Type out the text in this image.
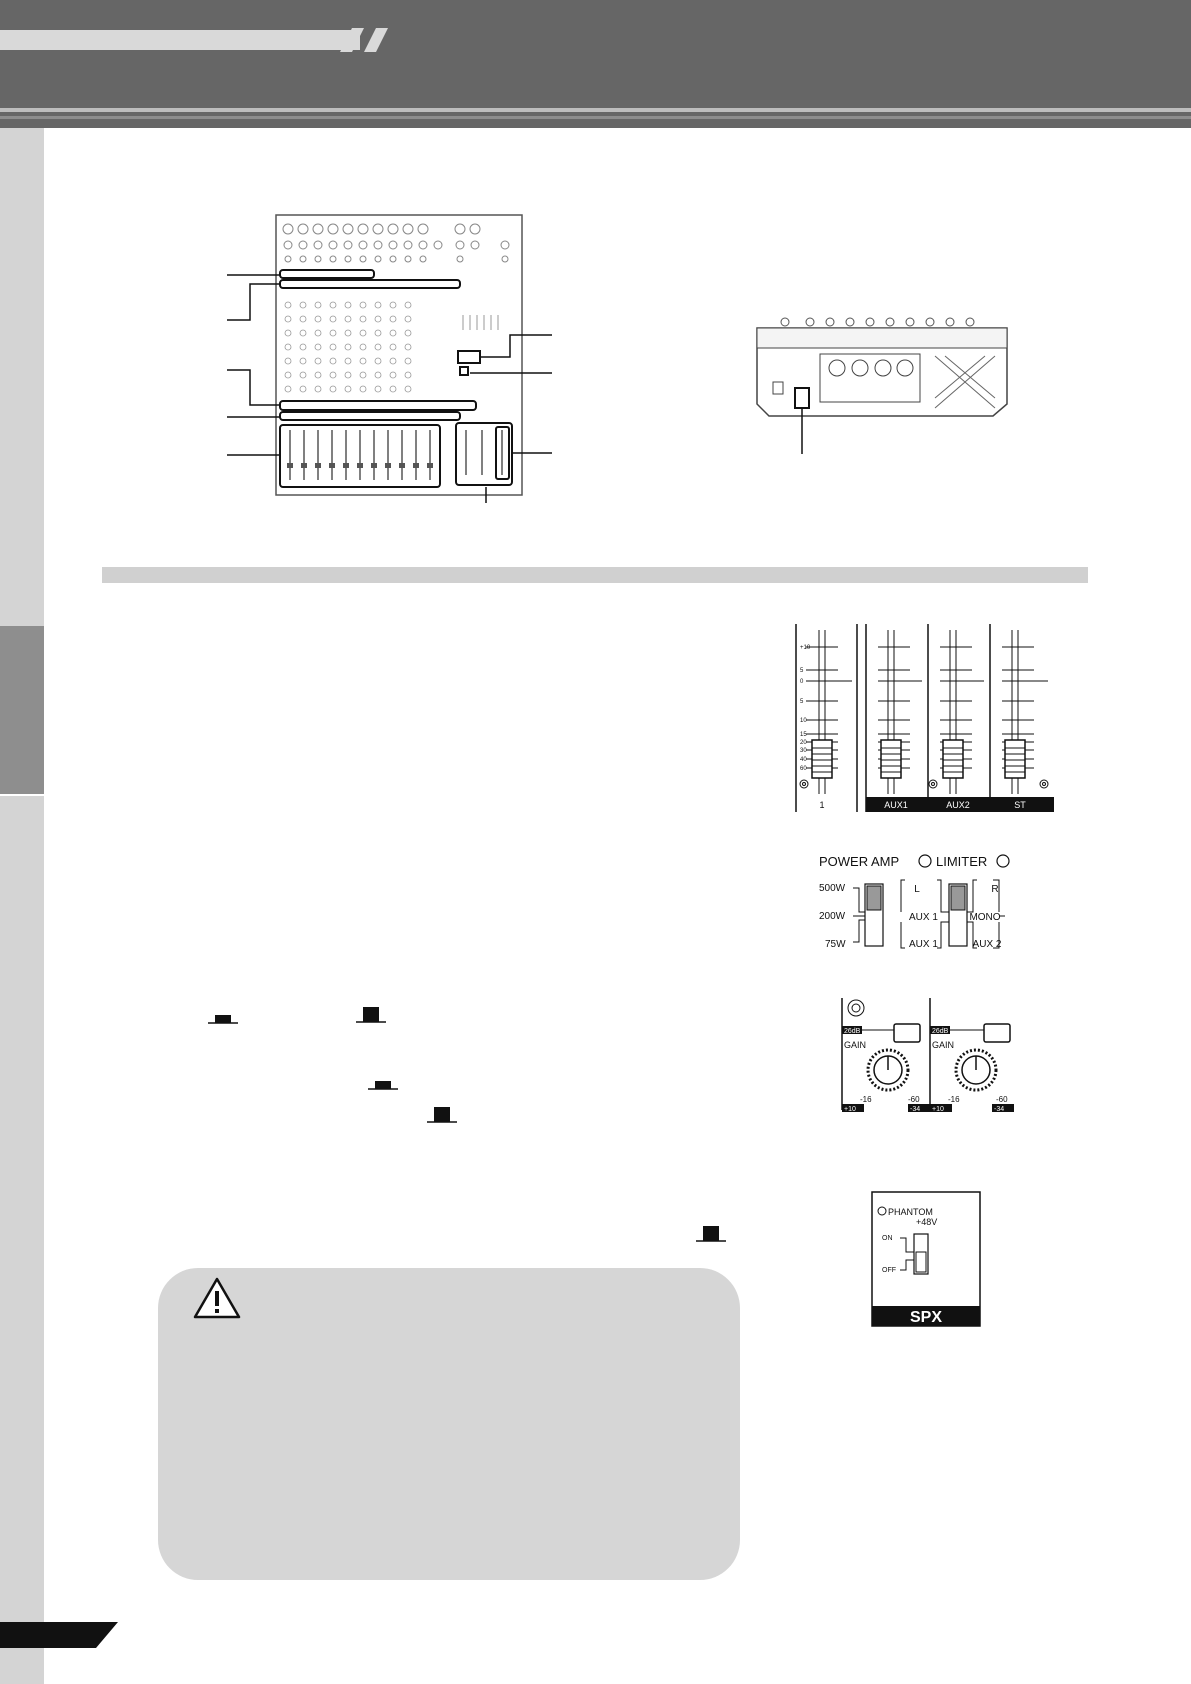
+10
5
0
5
10
15
20
30
40
60
1	AUX1	AUX2	ST
POWER AMP	LIMITER
500W
200W
75W
L	R
AUX 1
AUX 1
MONO
AUX 2
26dB
GAIN
-16	-60
+10	-34
26dB
GAIN
-16	-60
+10	-34
PHANTOM
+48V
ON
OFF
SPX
